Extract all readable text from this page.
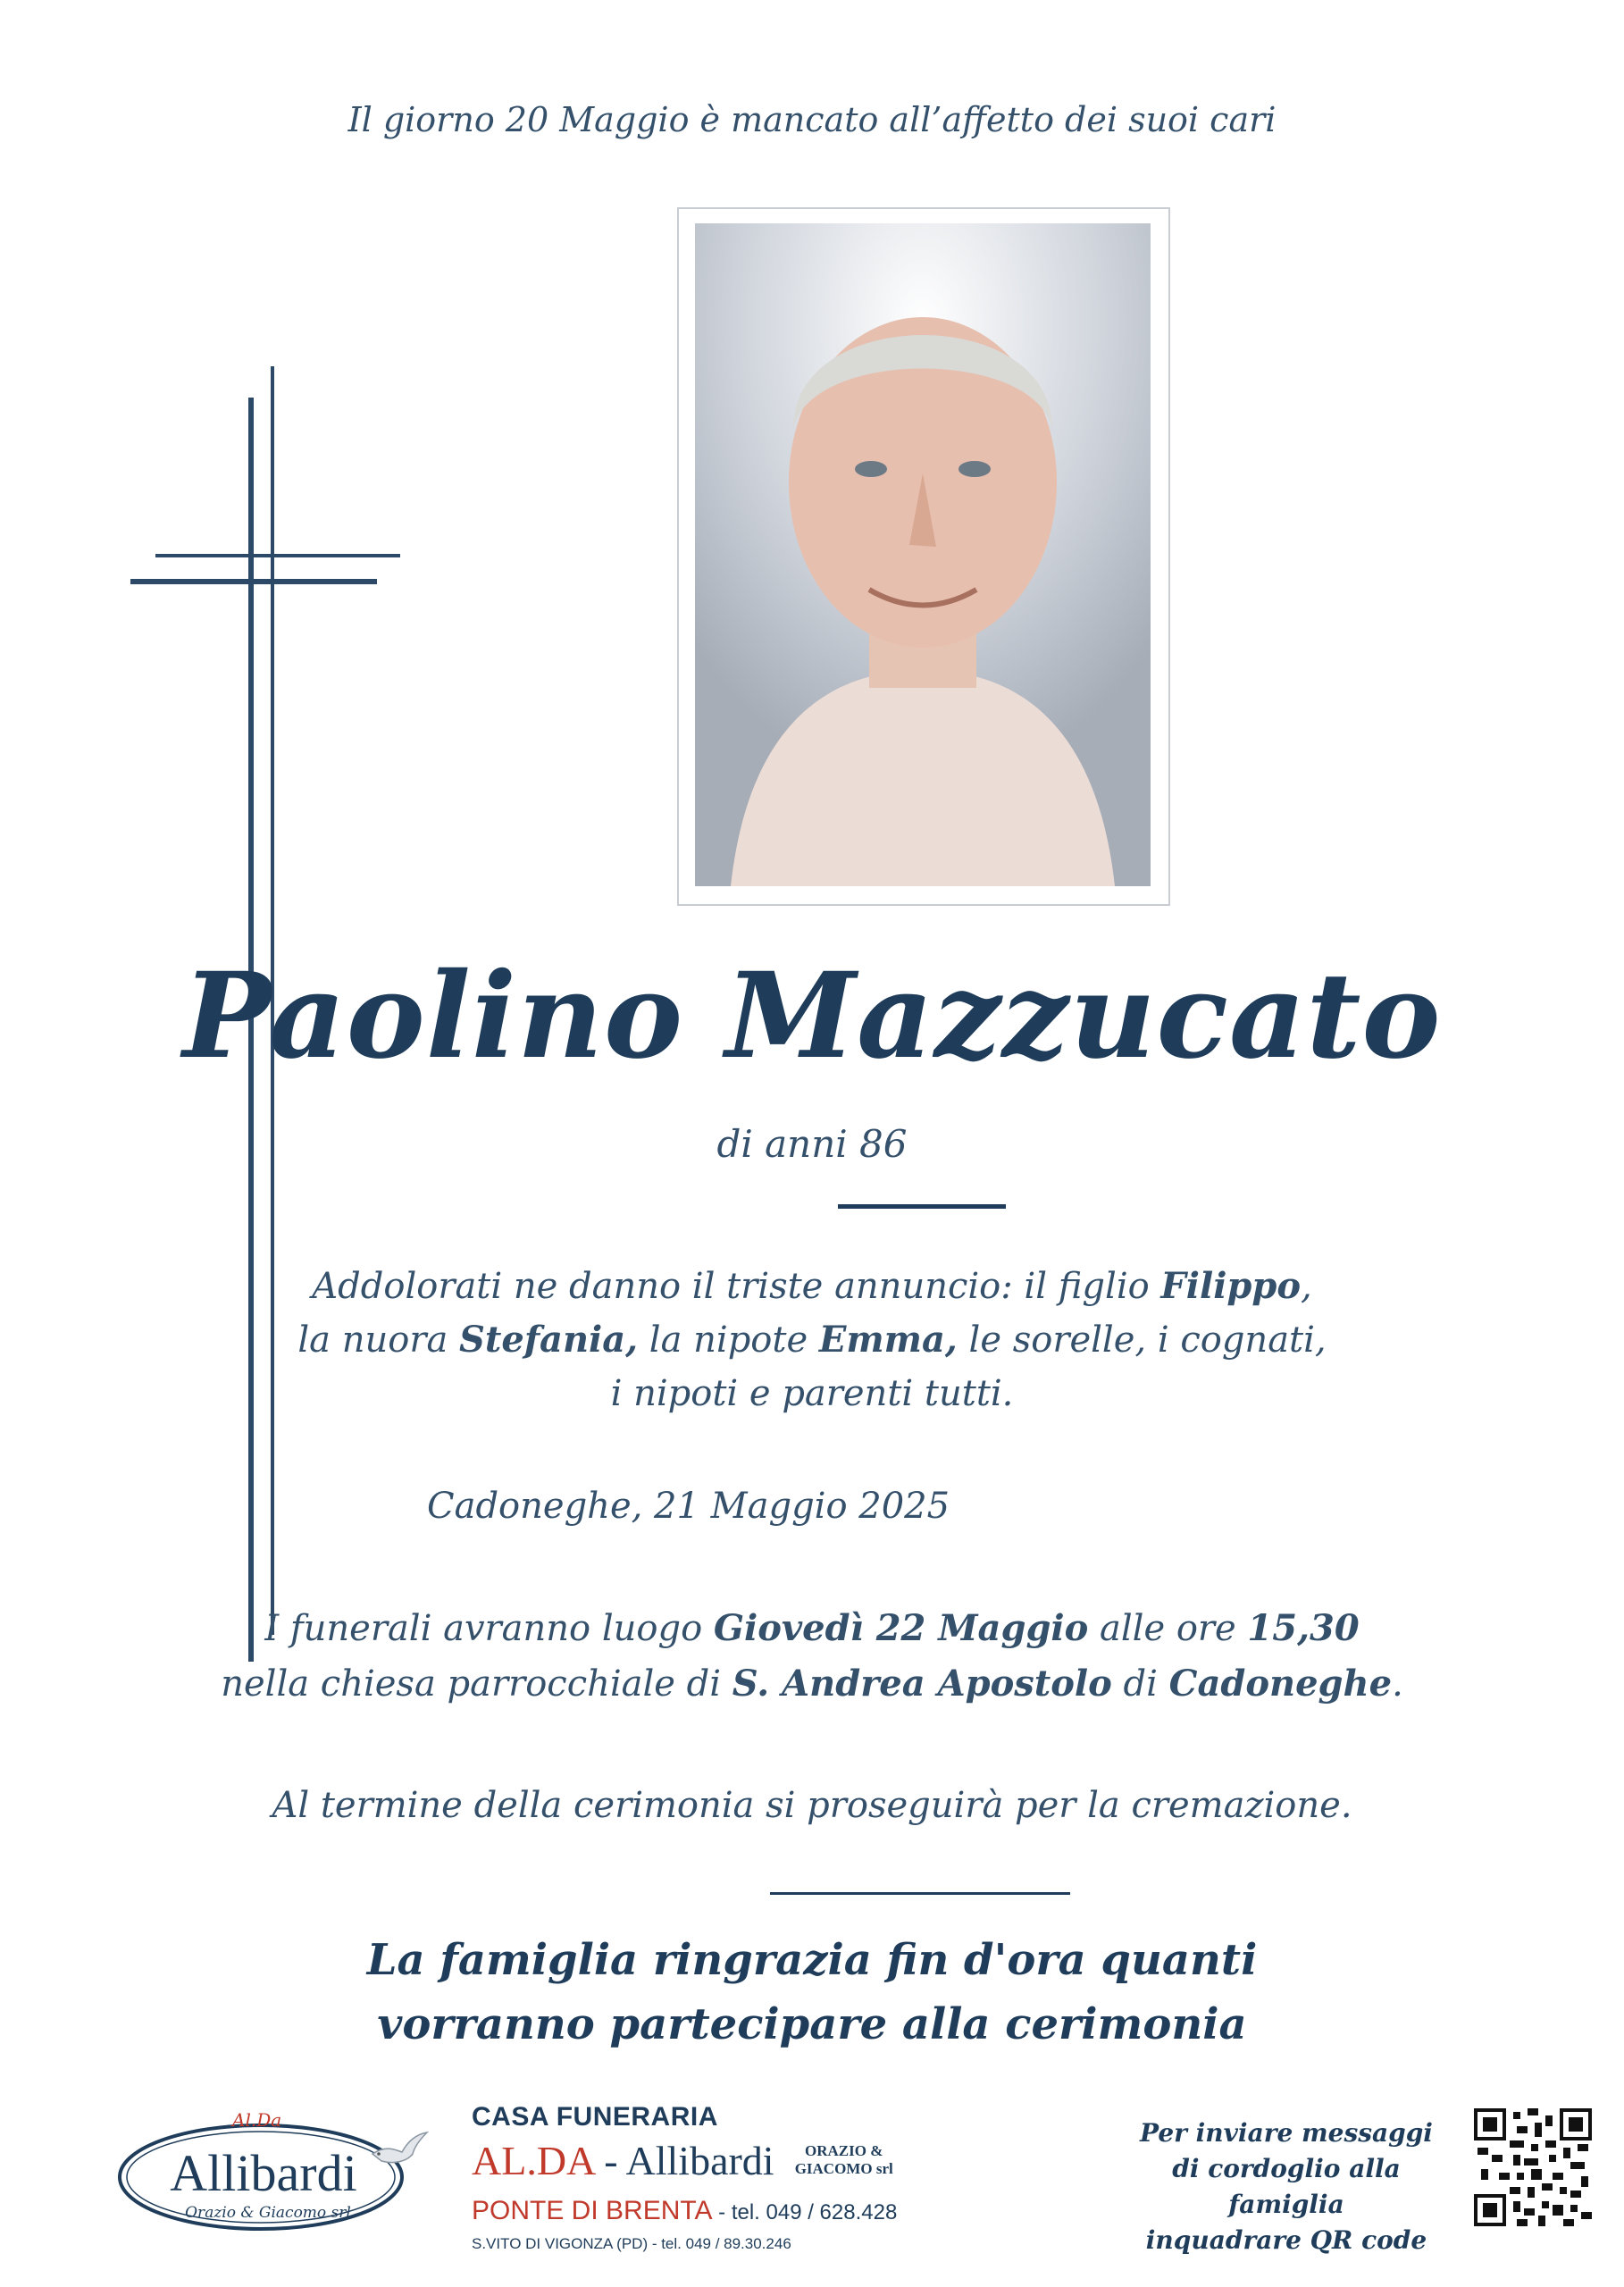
Il giorno 20 Maggio è mancato all’affetto dei suoi cari
Paolino Mazzucato
di anni 86
Addolorati ne danno il triste annuncio: il figlio Filippo,
la nuora Stefania, la nipote Emma, le sorelle, i cognati,
i nipoti e parenti tutti.
Cadoneghe, 21 Maggio 2025
I funerali avranno luogo Giovedì 22 Maggio alle ore 15,30
nella chiesa parrocchiale di S. Andrea Apostolo di Cadoneghe.
Al termine della cerimonia si proseguirà per la cremazione.
La famiglia ringrazia fin d'ora quanti
vorranno partecipare alla cerimonia
Al.Da
Allibardi
Orazio & Giacomo srl
CASA FUNERARIA
AL.DA - Allibardi	ORAZIO &
GIACOMO srl
PONTE DI BRENTA - tel. 049 / 628.428
S.VITO DI VIGONZA (PD) - tel. 049 / 89.30.246
Per inviare messaggi
di cordoglio alla famiglia
inquadrare QR code
